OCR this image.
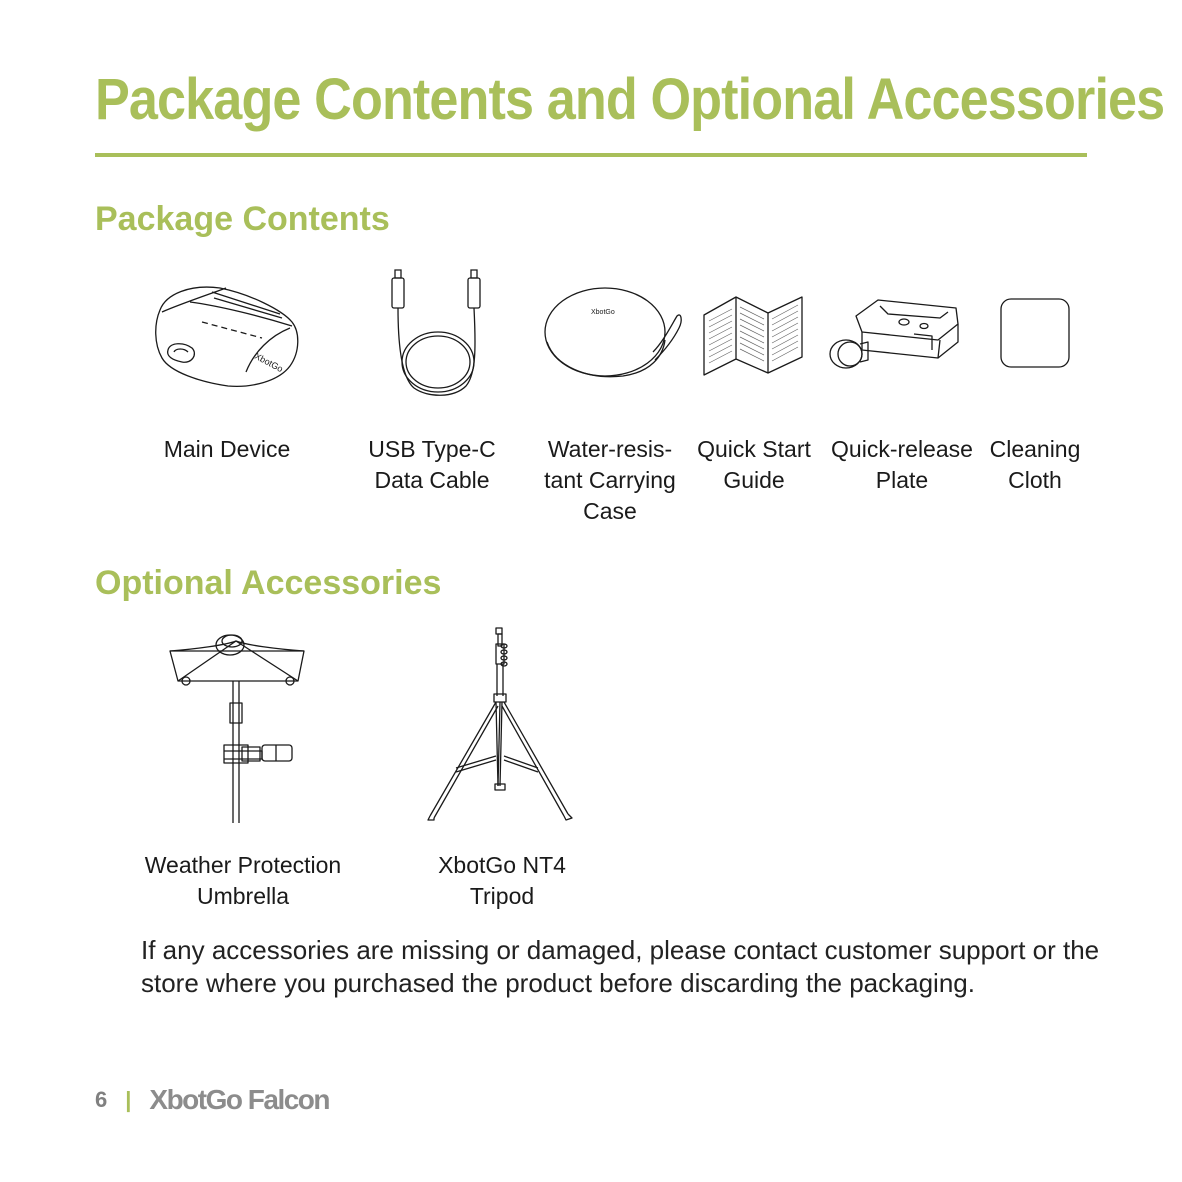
Package Contents and Optional Accessories
Package Contents
XbotGo
XbotGo
Main Device	USB Type-C
Data Cable
Water-resis-
tant Carrying
Case
Quick Start
Guide
Quick-release
Plate
Cleaning
Cloth
Optional Accessories
Weather Protection
Umbrella
XbotGo NT4
Tripod

If any accessories are missing or damaged, please contact customer support or the store where you purchased the product before discarding the packaging.

6 | XbotGo Falcon
